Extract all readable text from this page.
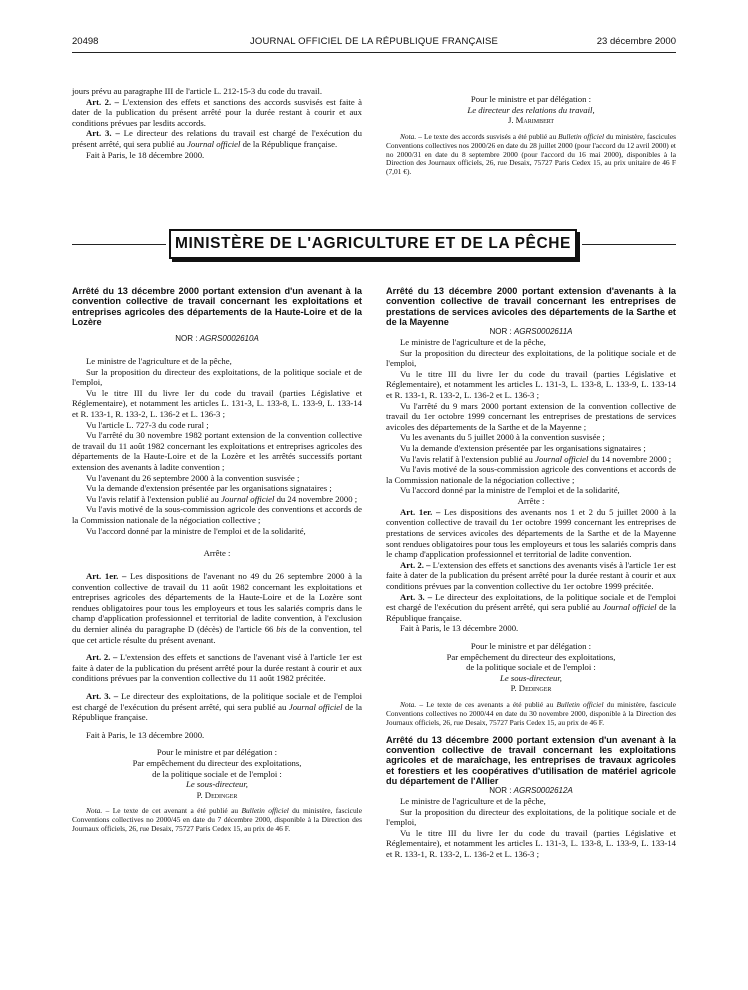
20498	JOURNAL OFFICIEL DE LA RÉPUBLIQUE FRANÇAISE	23 décembre 2000

jours prévu au paragraphe III de l'article L. 212-15-3 du code du travail.

Art. 2. – L'extension des effets et sanctions des accords susvisés est faite à dater de la publication du présent arrêté pour la durée restant à courir et aux conditions prévues par lesdits accords.

Art. 3. – Le directeur des relations du travail est chargé de l'exécution du présent arrêté, qui sera publié au Journal officiel de la République française.

Fait à Paris, le 18 décembre 2000.

Pour le ministre et par délégation :

Le directeur des relations du travail,

J. Marimbert

Nota. – Le texte des accords susvisés a été publié au Bulletin officiel du ministère, fascicules Conventions collectives nos 2000/26 en date du 28 juillet 2000 (pour l'accord du 12 avril 2000) et no 2000/31 en date du 8 septembre 2000 (pour l'accord du 16 mai 2000), disponibles à la Direction des Journaux officiels, 26, rue Desaix, 75727 Paris Cedex 15, au prix unitaire de 46 F (7,01 €).

MINISTÈRE DE L'AGRICULTURE ET DE LA PÊCHE

Arrêté du 13 décembre 2000 portant extension d'un avenant à la convention collective de travail concernant les exploitations et entreprises agricoles des départements de la Haute-Loire et de la Lozère

NOR : AGRS0002610A

Le ministre de l'agriculture et de la pêche,

Sur la proposition du directeur des exploitations, de la politique sociale et de l'emploi,

Vu le titre III du livre Ier du code du travail (parties Législative et Réglementaire), et notamment les articles L. 131-3, L. 133-8, L. 133-9, L. 133-14 et R. 133-1, R. 133-2, L. 136-2 et L. 136-3 ;

Vu l'article L. 727-3 du code rural ;

Vu l'arrêté du 30 novembre 1982 portant extension de la convention collective de travail du 11 août 1982 concernant les exploitations et entreprises agricoles des départements de la Haute-Loire et de la Lozère et les arrêtés successifs portant extension des avenants à ladite convention ;

Vu l'avenant du 26 septembre 2000 à la convention susvisée ;

Vu la demande d'extension présentée par les organisations signataires ;

Vu l'avis relatif à l'extension publié au Journal officiel du 24 novembre 2000 ;

Vu l'avis motivé de la sous-commission agricole des conventions et accords de la Commission nationale de la négociation collective ;

Vu l'accord donné par la ministre de l'emploi et de la solidarité,

Arrête :

Art. 1er. – Les dispositions de l'avenant no 49 du 26 septembre 2000 à la convention collective de travail du 11 août 1982 concernant les exploitations et entreprises agricoles des départements de la Haute-Loire et de la Lozère sont rendues obligatoires pour tous les employeurs et tous les salariés compris dans le champ d'application professionnel et territorial de ladite convention, à l'exclusion du dernier alinéa du paragraphe D (décès) de l'article 66 bis de la convention, tel que cet article résulte du présent avenant.

Art. 2. – L'extension des effets et sanctions de l'avenant visé à l'article 1er est faite à dater de la publication du présent arrêté pour la durée restant à courir et aux conditions prévues par la convention collective du 11 août 1982 précitée.

Art. 3. – Le directeur des exploitations, de la politique sociale et de l'emploi est chargé de l'exécution du présent arrêté, qui sera publié au Journal officiel de la République française.

Fait à Paris, le 13 décembre 2000.

Pour le ministre et par délégation :

Par empêchement du directeur des exploitations,

de la politique sociale et de l'emploi :

Le sous-directeur,

P. Dedinger

Nota. – Le texte de cet avenant a été publié au Bulletin officiel du ministère, fascicule Conventions collectives no 2000/45 en date du 7 décembre 2000, disponible à la Direction des Journaux officiels, 26, rue Desaix, 75727 Paris Cedex 15, au prix de 46 F.

Arrêté du 13 décembre 2000 portant extension d'avenants à la convention collective de travail concernant les entreprises de prestations de services avicoles des départements de la Sarthe et de la Mayenne

NOR : AGRS0002611A

Le ministre de l'agriculture et de la pêche,

Sur la proposition du directeur des exploitations, de la politique sociale et de l'emploi,

Vu le titre III du livre Ier du code du travail (parties Législative et Réglementaire), et notamment les articles L. 131-3, L. 133-8, L. 133-9, L. 133-14 et R. 133-1, R. 133-2, L. 136-2 et L. 136-3 ;

Vu l'arrêté du 9 mars 2000 portant extension de la convention collective de travail du 1er octobre 1999 concernant les entreprises de prestations de services avicoles des départements de la Sarthe et de la Mayenne ;

Vu les avenants du 5 juillet 2000 à la convention susvisée ;

Vu la demande d'extension présentée par les organisations signataires ;

Vu l'avis relatif à l'extension publié au Journal officiel du 14 novembre 2000 ;

Vu l'avis motivé de la sous-commission agricole des conventions et accords de la Commission nationale de la négociation collective ;

Vu l'accord donné par la ministre de l'emploi et de la solidarité,

Arrête :

Art. 1er. – Les dispositions des avenants nos 1 et 2 du 5 juillet 2000 à la convention collective de travail du 1er octobre 1999 concernant les entreprises de prestations de services avicoles des départements de la Sarthe et de la Mayenne sont rendues obligatoires pour tous les employeurs et tous les salariés compris dans le champ d'application professionnel et territorial de ladite convention.

Art. 2. – L'extension des effets et sanctions des avenants visés à l'article 1er est faite à dater de la publication du présent arrêté pour la durée restant à courir et aux conditions prévues par la convention collective du 1er octobre 1999 précitée.

Art. 3. – Le directeur des exploitations, de la politique sociale et de l'emploi est chargé de l'exécution du présent arrêté, qui sera publié au Journal officiel de la République française.

Fait à Paris, le 13 décembre 2000.

Pour le ministre et par délégation :

Par empêchement du directeur des exploitations,

de la politique sociale et de l'emploi :

Le sous-directeur,

P. Dedinger

Nota. – Le texte de ces avenants a été publié au Bulletin officiel du ministère, fascicule Conventions collectives no 2000/44 en date du 30 novembre 2000, disponible à la Direction des Journaux officiels, 26, rue Desaix, 75727 Paris Cedex 15, au prix de 46 F.

Arrêté du 13 décembre 2000 portant extension d'un avenant à la convention collective de travail concernant les exploitations agricoles et de maraîchage, les entreprises de travaux agricoles et forestiers et les coopératives d'utilisation de matériel agricole du département de l'Allier

NOR : AGRS0002612A

Le ministre de l'agriculture et de la pêche,

Sur la proposition du directeur des exploitations, de la politique sociale et de l'emploi,

Vu le titre III du livre Ier du code du travail (parties Législative et Réglementaire), et notamment les articles L. 131-3, L. 133-8, L. 133-9, L. 133-14 et R. 133-1, R. 133-2, L. 136-2 et L. 136-3 ;
